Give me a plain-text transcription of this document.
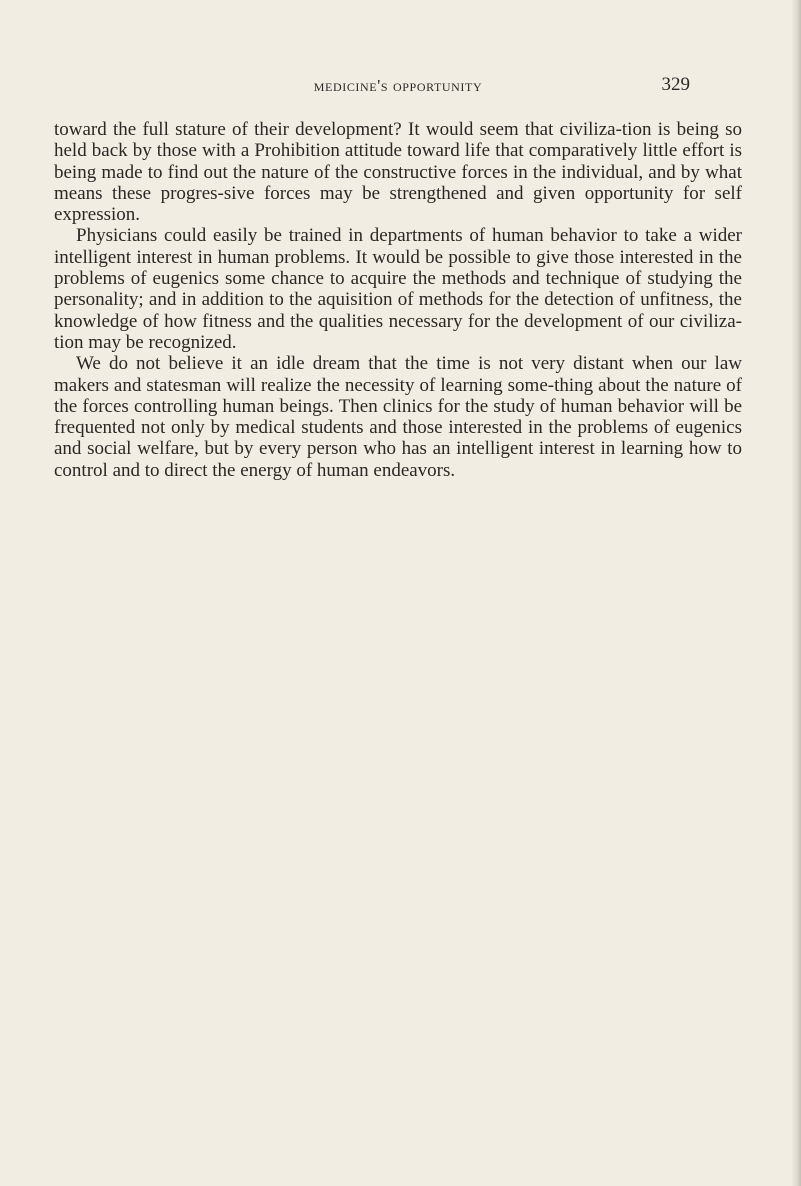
medicine's opportunity	329

toward the full stature of their development? It would seem that civiliza-tion is being so held back by those with a Prohibition attitude toward life that comparatively little effort is being made to find out the nature of the constructive forces in the individual, and by what means these progres-sive forces may be strengthened and given opportunity for self expression.

Physicians could easily be trained in departments of human behavior to take a wider intelligent interest in human problems. It would be possible to give those interested in the problems of eugenics some chance to acquire the methods and technique of studying the personality; and in addition to the aquisition of methods for the detection of unfitness, the knowledge of how fitness and the qualities necessary for the development of our civiliza-tion may be recognized.

We do not believe it an idle dream that the time is not very distant when our law makers and statesman will realize the necessity of learning some-thing about the nature of the forces controlling human beings. Then clinics for the study of human behavior will be frequented not only by medical students and those interested in the problems of eugenics and social welfare, but by every person who has an intelligent interest in learning how to control and to direct the energy of human endeavors.
